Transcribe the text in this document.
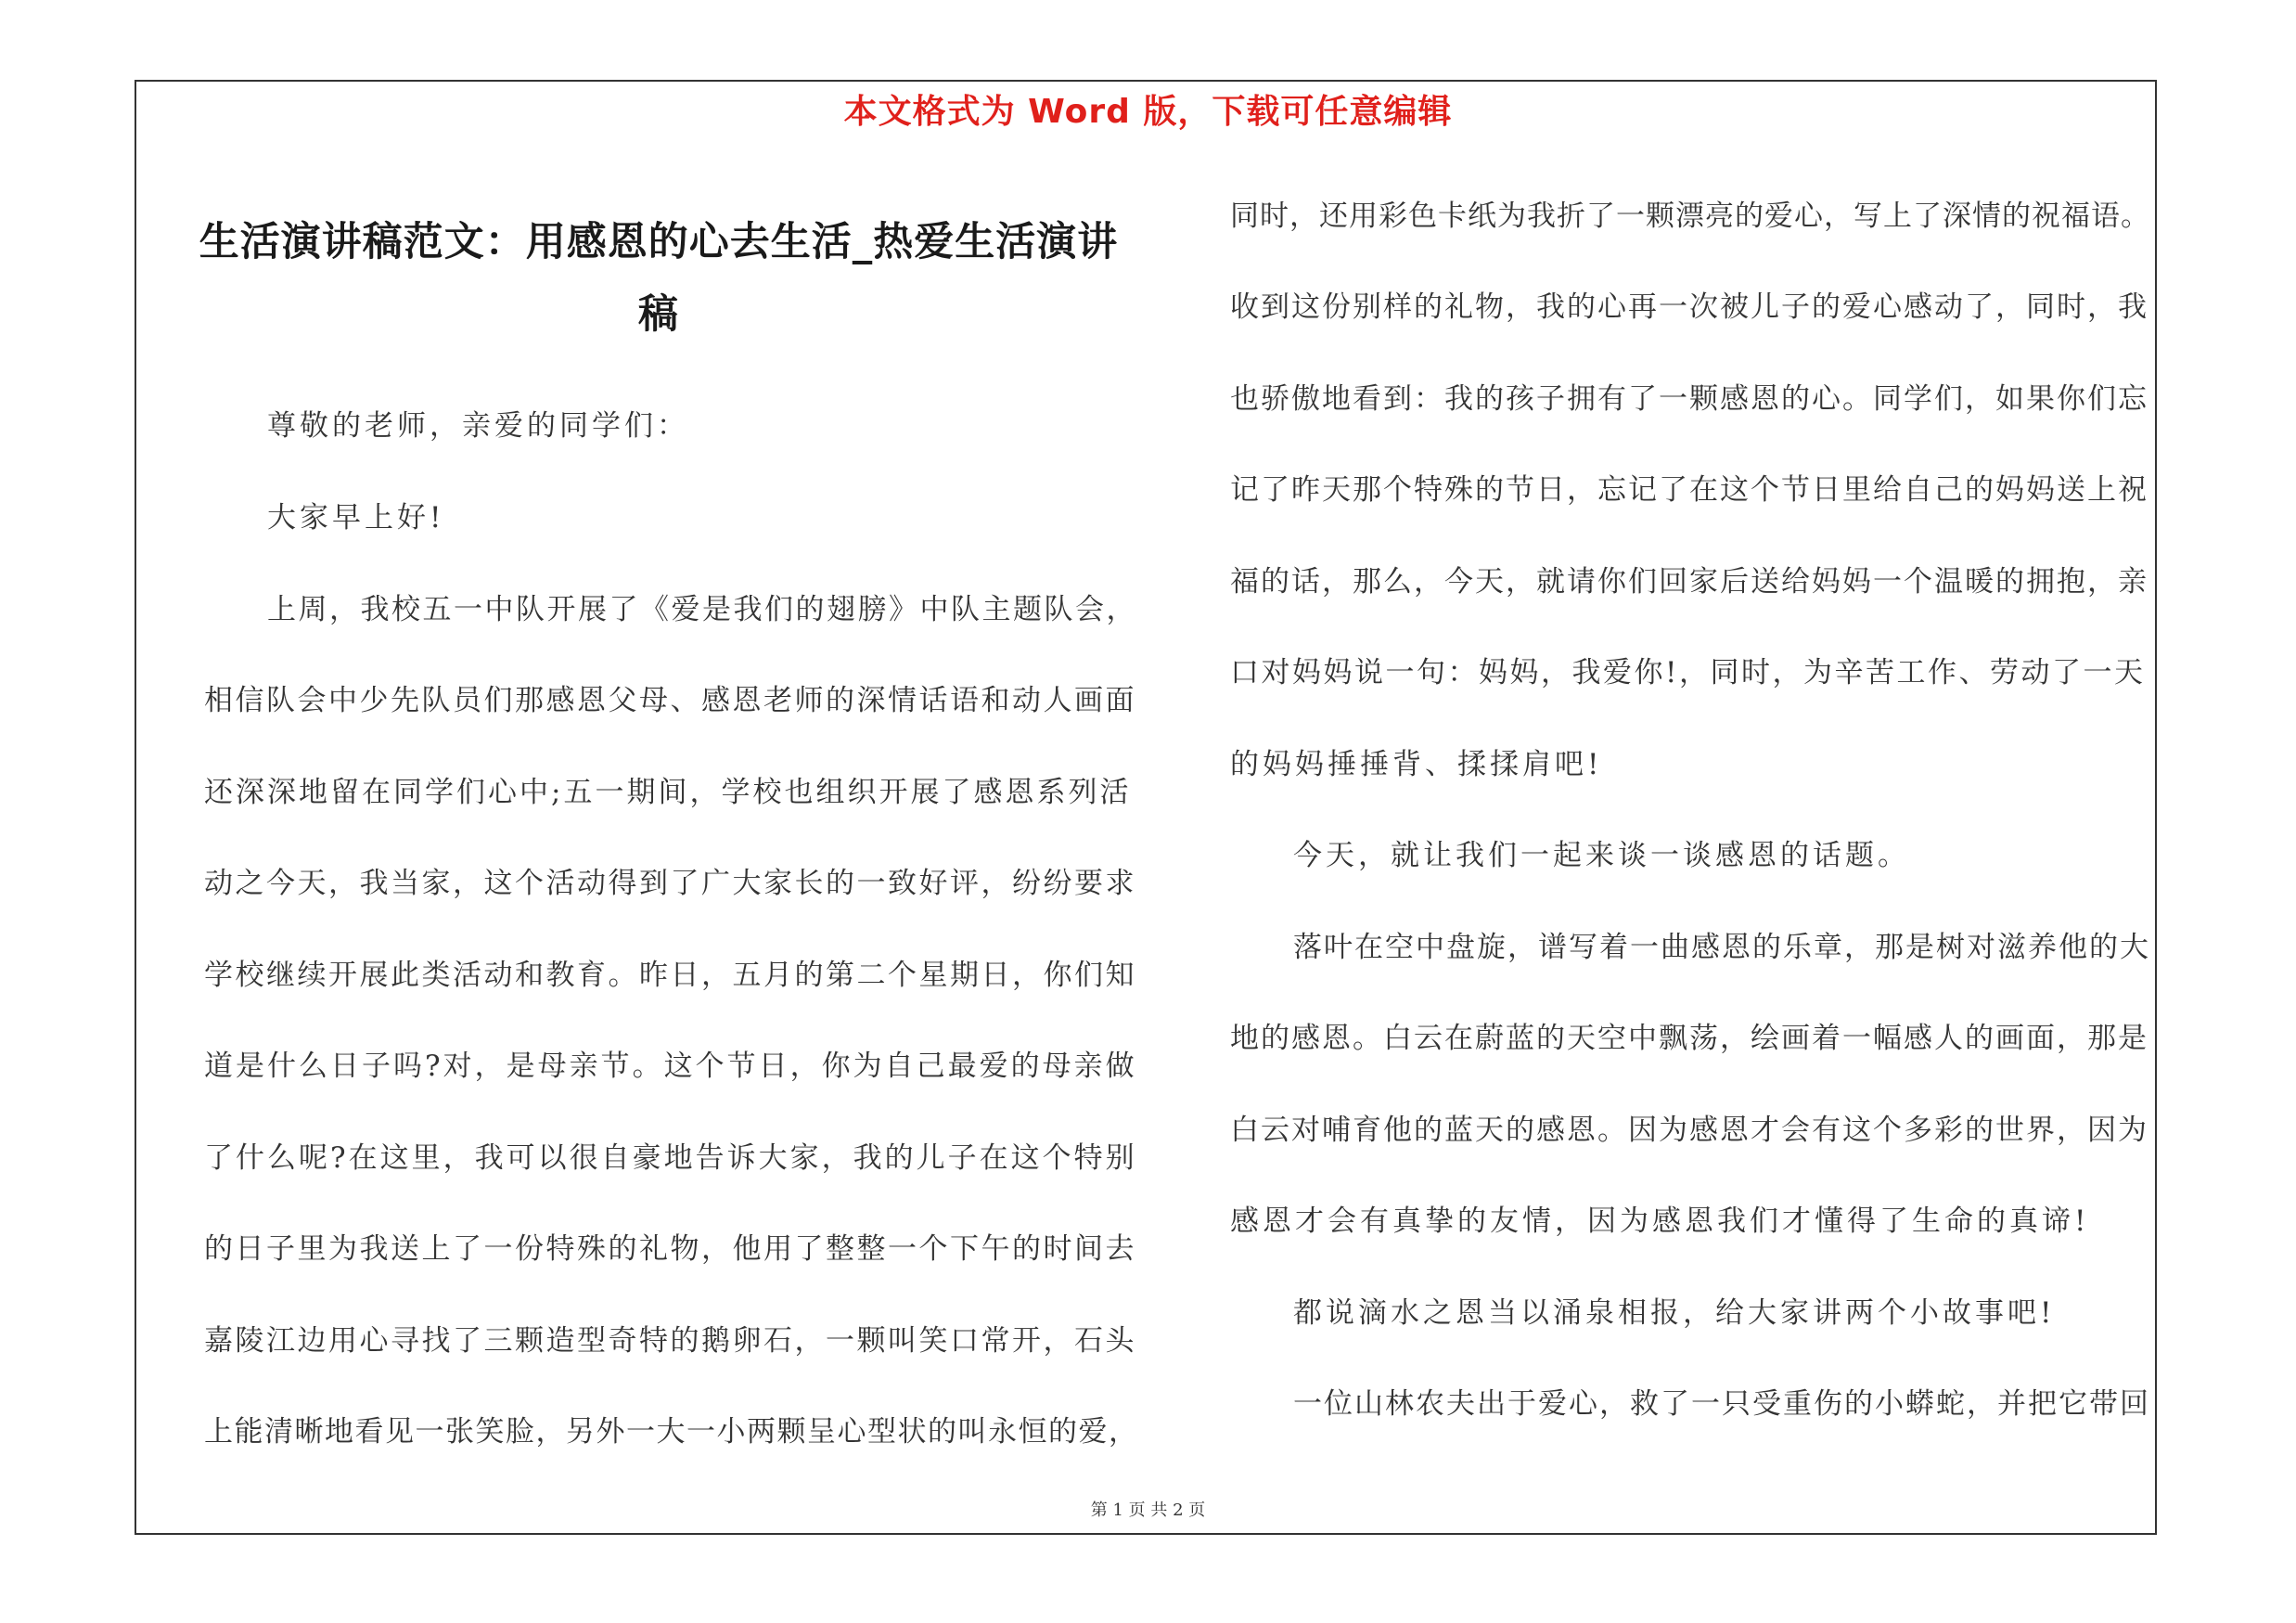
本文格式为 Word 版，下载可任意编辑
生活演讲稿范文：用感恩的心去生活_热爱生活演讲
稿
尊敬的老师，亲爱的同学们：
大家早上好!
上周，我校五一中队开展了《爱是我们的翅膀》中队主题队会，
相信队会中少先队员们那感恩父母、感恩老师的深情话语和动人画面
还深深地留在同学们心中;五一期间，学校也组织开展了感恩系列活
动之今天，我当家，这个活动得到了广大家长的一致好评，纷纷要求
学校继续开展此类活动和教育。昨日，五月的第二个星期日，你们知
道是什么日子吗?对，是母亲节。这个节日，你为自己最爱的母亲做
了什么呢?在这里，我可以很自豪地告诉大家，我的儿子在这个特别
的日子里为我送上了一份特殊的礼物，他用了整整一个下午的时间去
嘉陵江边用心寻找了三颗造型奇特的鹅卵石，一颗叫笑口常开，石头
上能清晰地看见一张笑脸，另外一大一小两颗呈心型状的叫永恒的爱，
同时，还用彩色卡纸为我折了一颗漂亮的爱心，写上了深情的祝福语。
收到这份别样的礼物，我的心再一次被儿子的爱心感动了，同时，我
也骄傲地看到：我的孩子拥有了一颗感恩的心。同学们，如果你们忘
记了昨天那个特殊的节日，忘记了在这个节日里给自己的妈妈送上祝
福的话，那么，今天，就请你们回家后送给妈妈一个温暖的拥抱，亲
口对妈妈说一句：妈妈，我爱你!，同时，为辛苦工作、劳动了一天
的妈妈捶捶背、揉揉肩吧!
今天，就让我们一起来谈一谈感恩的话题。
落叶在空中盘旋，谱写着一曲感恩的乐章，那是树对滋养他的大
地的感恩。白云在蔚蓝的天空中飘荡，绘画着一幅感人的画面，那是
白云对哺育他的蓝天的感恩。因为感恩才会有这个多彩的世界，因为
感恩才会有真挚的友情，因为感恩我们才懂得了生命的真谛!
都说滴水之恩当以涌泉相报，给大家讲两个小故事吧!
一位山林农夫出于爱心，救了一只受重伤的小蟒蛇，并把它带回
第 1 页 共 2 页
